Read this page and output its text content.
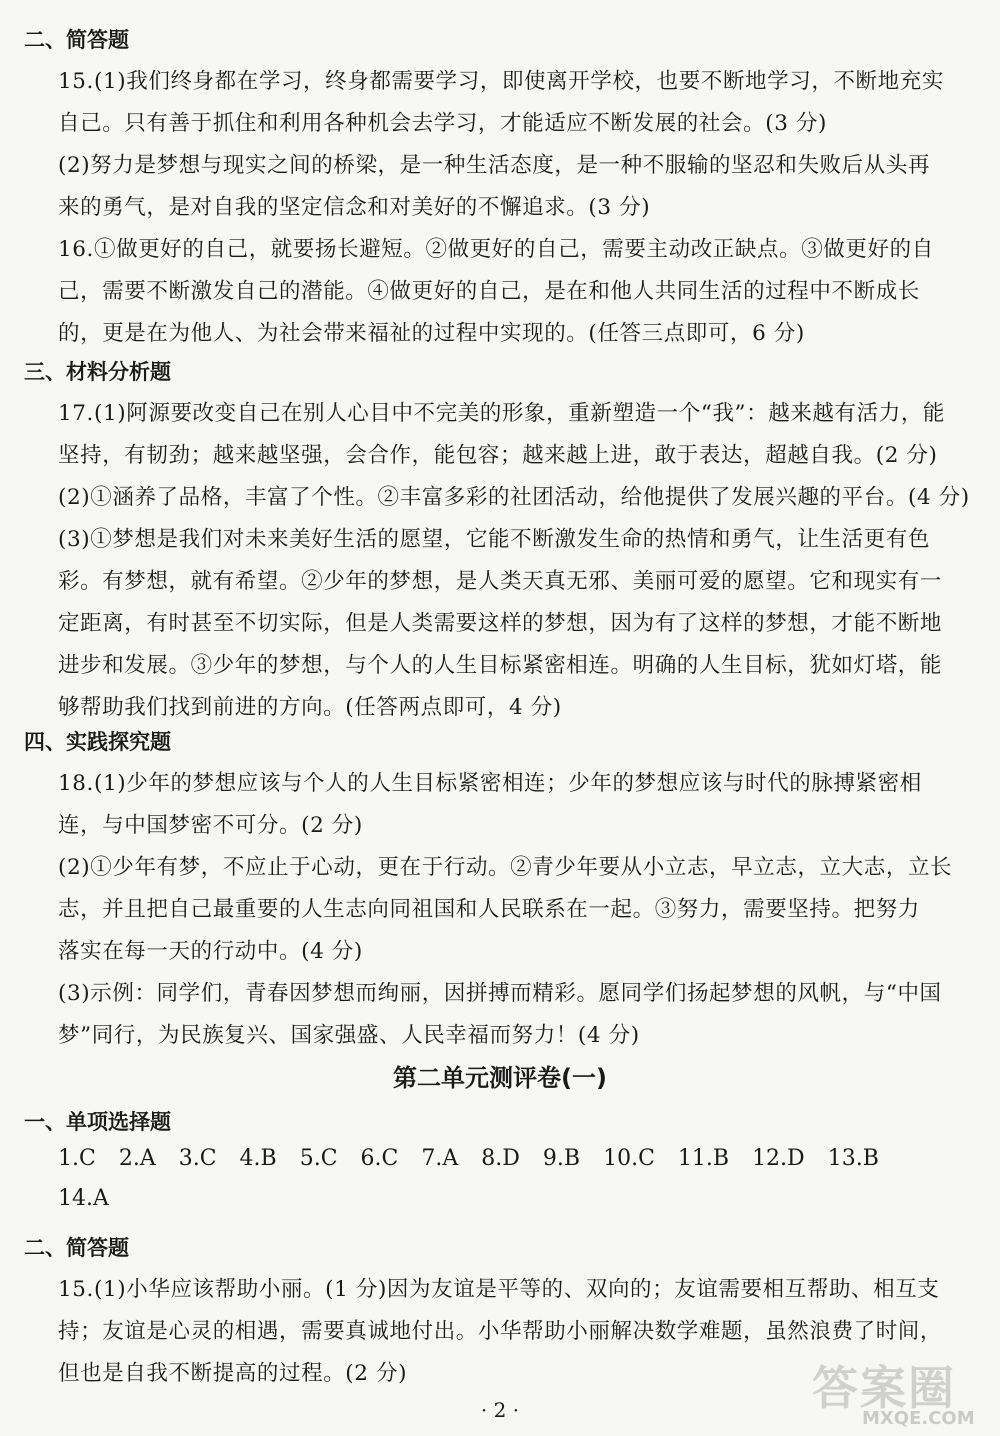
二、简答题
15.(1)我们终身都在学习，终身都需要学习，即使离开学校，也要不断地学习，不断地充实
自己。只有善于抓住和利用各种机会去学习，才能适应不断发展的社会。(3 分)
(2)努力是梦想与现实之间的桥梁，是一种生活态度，是一种不服输的坚忍和失败后从头再
来的勇气，是对自我的坚定信念和对美好的不懈追求。(3 分)
16.①做更好的自己，就要扬长避短。②做更好的自己，需要主动改正缺点。③做更好的自
己，需要不断激发自己的潜能。④做更好的自己，是在和他人共同生活的过程中不断成长
的，更是在为他人、为社会带来福祉的过程中实现的。(任答三点即可，6 分)
三、材料分析题
17.(1)阿源要改变自己在别人心目中不完美的形象，重新塑造一个“我”：越来越有活力，能
坚持，有韧劲；越来越坚强，会合作，能包容；越来越上进，敢于表达，超越自我。(2 分)
(2)①涵养了品格，丰富了个性。②丰富多彩的社团活动，给他提供了发展兴趣的平台。(4 分)
(3)①梦想是我们对未来美好生活的愿望，它能不断激发生命的热情和勇气，让生活更有色
彩。有梦想，就有希望。②少年的梦想，是人类天真无邪、美丽可爱的愿望。它和现实有一
定距离，有时甚至不切实际，但是人类需要这样的梦想，因为有了这样的梦想，才能不断地
进步和发展。③少年的梦想，与个人的人生目标紧密相连。明确的人生目标，犹如灯塔，能
够帮助我们找到前进的方向。(任答两点即可，4 分)
四、实践探究题
18.(1)少年的梦想应该与个人的人生目标紧密相连；少年的梦想应该与时代的脉搏紧密相
连，与中国梦密不可分。(2 分)
(2)①少年有梦，不应止于心动，更在于行动。②青少年要从小立志，早立志，立大志，立长
志，并且把自己最重要的人生志向同祖国和人民联系在一起。③努力，需要坚持。把努力
落实在每一天的行动中。(4 分)
(3)示例：同学们，青春因梦想而绚丽，因拼搏而精彩。愿同学们扬起梦想的风帆，与“中国
梦”同行，为民族复兴、国家强盛、人民幸福而努力！(4 分)
第二单元测评卷(一)
一、单项选择题
1.C 2.A 3.C 4.B 5.C 6.C 7.A 8.D 9.B 10.C 11.B 12.D 13.B
14.A
二、简答题
15.(1)小华应该帮助小丽。(1 分)因为友谊是平等的、双向的；友谊需要相互帮助、相互支
持；友谊是心灵的相遇，需要真诚地付出。小华帮助小丽解决数学难题，虽然浪费了时间，
但也是自我不断提高的过程。(2 分)
· 2 ·	答案圈
MXQE.COM
